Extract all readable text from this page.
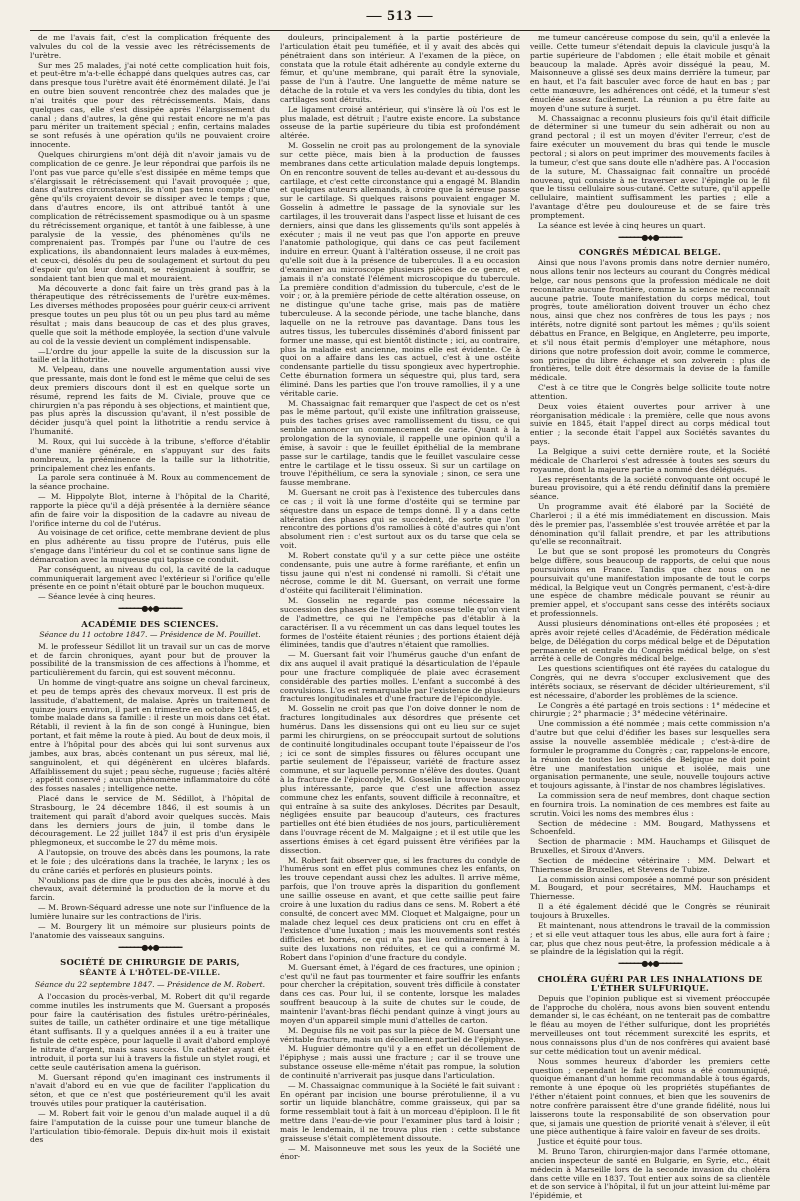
— 513 —

de me l'avais fait, c'est la complication fréquente des valvules du col de la vessie avec les rétrécissements de l'urètre.

Sur mes 25 malades, j'ai noté cette complication huit fois, et peut-être m'a-t-elle échappé dans quelques autres cas, car dans presque tous l'urètre avait été énormément dilaté. Je l'ai en outre bien souvent rencontrée chez des malades que je n'ai traités que pour des rétrécissements. Mais, dans quelques cas, elle s'est dissipée après l'élargissement du canal ; dans d'autres, la gêne qui restait encore ne m'a pas paru mériter un traitement spécial ; enfin, certains malades se sont refusés à une opération qu'ils ne pouvaient croire innocente.

Quelques chirurgiens m'ont déjà dit n'avoir jamais vu de complication de ce genre. Je leur répondrai que parfois ils ne l'ont pas vue parce qu'elle s'est dissipée en même temps que s'élargissait le rétrécissement qui l'avait provoquée ; que, dans d'autres circonstances, ils n'ont pas tenu compte d'une gêne qu'ils croyaient devoir se dissiper avec le temps ; que, dans d'autres encore, ils ont attribué tantôt à une complication de rétrécissement spasmodique ou à un spasme du rétrécissement organique, et tantôt à une faiblesse, à une paralysie de la vessie, des phénomènes qu'ils ne comprenaient pas. Trompés par l'une ou l'autre de ces explications, ils abandonnaient leurs malades à eux-mêmes, et ceux-ci, désolés du peu de soulagement et surtout du peu d'espoir qu'on leur donnait, se résignaient à souffrir, se sondaient tant bien que mal et mouraient.

Ma découverte a donc fait faire un très grand pas à la thérapeutique des rétrécissements de l'urètre eux-mêmes. Les diverses méthodes proposées pour guérir ceux-ci arrivent presque toutes un peu plus tôt ou un peu plus tard au même résultat ; mais dans beaucoup de cas et des plus graves, quelle que soit la méthode employée, la section d'une valvule au col de la vessie devient un complément indispensable.

—L'ordre du jour appelle la suite de la discussion sur la taille et la lithotritie.

M. Velpeau, dans une nouvelle argumentation aussi vive que pressante, mais dont le fond est le même que celui de ses deux premiers discours dont il est en quelque sorte un résumé, reprend les faits de M. Civiale, prouve que ce chirurgien n'a pas répondu à ses objections, et maintient que, pas plus après la discussion qu'avant, il n'est possible de décider jusqu'à quel point la lithotritie a rendu service à l'humanité.

M. Roux, qui lui succède à la tribune, s'efforce d'établir d'une manière générale, en s'appuyant sur des faits nombreux, la prééminence de la taille sur la lithotritie, principalement chez les enfants.

La parole sera continuée à M. Roux au commencement de la séance prochaine.

— M. Hippolyte Blot, interne à l'hôpital de la Charité, rapporte la pièce qu'il a déjà présentée à la dernière séance afin de faire voir la disposition de la cadavre au niveau de l'orifice interne du col de l'utérus.

Au voisinage de cet orifice, cette membrane devient de plus en plus adhérente au tissu propre de l'utérus, puis elle s'engage dans l'intérieur du col et se continue sans ligne de démarcation avec la muqueuse qui tapisse ce conduit.

Par conséquent, au niveau du col, la cavité de la caduque communiquerait largement avec l'extérieur si l'orifice qu'elle présente en ce point n'était obturé par le bouchon muqueux.

— Séance levée à cinq heures.

━━━━━━●◆●━━━━━━
ACADÉMIE DES SCIENCES.
Séance du 11 octobre 1847. — Présidence de M. Pouillet.

M. le professeur Sédillot lit un travail sur un cas de morve et de farcin chroniques, ayant pour but de prouver la possibilité de la transmission de ces affections à l'homme, et particulièrement du farcin, qui est souvent méconnu.

Un homme de vingt-quatre ans soigne un cheval farcineux, et peu de temps après des chevaux morveux. Il est pris de lassitude, d'abattement, de malaise. Après un traitement de quinze jours environ, il part en trimestre en octobre 1845, et tombe malade dans sa famille : il reste un mois dans cet état. Rétabli, il revient à la fin de son congé à Huningue, bien portant, et fait même la route à pied. Au bout de deux mois, il entre à l'hôpital pour des abcès qui lui sont survenus aux jambes, aux bras, abcès contenant un pus séreux, mal lié, sanguinolent, et qui dégénèrent en ulcères blafards. Affaiblissement du sujet ; peau sèche, rugueuse ; faciès altéré ; appétit conservé ; aucun phénomène inflammatoire du côté des fosses nasales ; intelligence nette.

Placé dans le service de M. Sédillot, à l'hôpital de Strasbourg, le 24 décembre 1846, il est soumis à un traitement qui paraît d'abord avoir quelques succès. Mais dans les derniers jours de juin, il tombe dans le découragement. Le 22 juillet 1847 il est pris d'un érysipèle phlegmoneux, et succombe le 27 du même mois.

A l'autopsie, on trouve des abcès dans les poumons, la rate et le foie ; des ulcérations dans la trachée, le larynx ; les os du crâne cariés et perforés en plusieurs points.

N'oublions pas de dire que le pus des abcès, inoculé à des chevaux, avait déterminé la production de la morve et du farcin.

— M. Brown-Séquard adresse une note sur l'influence de la lumière lunaire sur les contractions de l'iris.

— M. Bourgery lit un mémoire sur plusieurs points de l'anatomie des vaisseaux sanguins.

━━━━━━●◆●━━━━━━
SOCIÉTÉ DE CHIRURGIE DE PARIS,
SÉANTE À L'HÔTEL-DE-VILLE.
Séance du 22 septembre 1847. — Présidence de M. Robert.

A l'occasion du procès-verbal, M. Robert dit qu'il regarde comme inutiles les instruments que M. Guersant a proposés pour faire la cautérisation des fistules urétro-périnéales, suites de taille, un cathéter ordinaire et une tige métallique étant suffisants. Il y a quelques années il a eu à traiter une fistule de cette espèce, pour laquelle il avait d'abord employé le nitrate d'argent, mais sans succès. Un cathéter ayant été introduit, il porta sur lui à travers la fistule un stylet rougi, et cette seule cautérisation amena la guérison.

M. Guersant répond qu'en imaginant ces instruments il n'avait d'abord eu en vue que de faciliter l'application du séton, et que ce n'est que postérieurement qu'il les avait trouvés utiles pour pratiquer la cautérisation.

— M. Robert fait voir le genou d'un malade auquel il a dû faire l'amputation de la cuisse pour une tumeur blanche de l'articulation tibio-fémorale. Depuis dix-huit mois il existait des

douleurs, principalement à la partie postérieure de l'articulation était peu tuméfiée, et il y avait des abcès qui pénétraient dans son intérieur. A l'examen de la pièce, on constata que la rotule était adhérente au condyle externe du fémur, et qu'une membrane, qui paraît être la synoviale, passe de l'un à l'autre. Une languette de même nature se détache de la rotule et va vers les condyles du tibia, dont les cartilages sont détruits.

Le ligament croisé antérieur, qui s'insère là où l'os est le plus malade, est détruit ; l'autre existe encore. La substance osseuse de la partie supérieure du tibia est profondément altérée.

M. Gosselin ne croit pas au prolongement de la synoviale sur cette pièce, mais bien à la production de fausses membranes dans cette articulation malade depuis longtemps. On en rencontre souvent de telles au-devant et au-dessous du cartilage, et c'est cette circonstance qui a engagé M. Blandin et quelques auteurs allemands, à croire que la séreuse passe sur le cartilage. Si quelques raisons pouvaient engager M. Gosselin à admettre le passage de la synoviale sur les cartilages, il les trouverait dans l'aspect lisse et luisant de ces derniers, ainsi que dans les glissements qu'ils sont appelés à exécuter ; mais il ne veut pas que l'on apporte en preuve l'anatomie pathologique, qui dans ce cas peut facilement induire en erreur. Quant à l'altération osseuse, il ne croit pas qu'elle soit due à la présence de tubercules. Il a eu occasion d'examiner au microscope plusieurs pièces de ce genre, et jamais il n'a constaté l'élément microscopique du tubercule. La première condition d'admission du tubercule, c'est de le voir ; or, à la première période de cette altération osseuse, on ne distingue qu'une tache grise, mais pas de matière tuberculeuse. A la seconde période, une tache blanche, dans laquelle on ne la retrouve pas davantage. Dans tous les autres tissus, les tubercules disséminés d'abord finissent par former une masse, qui est bientôt distincte ; ici, au contraire, plus la maladie est ancienne, moins elle est évidente. Ce à quoi on a affaire dans les cas actuel, c'est à une ostéite condensante partielle du tissu spongieux avec hypertrophie. Cette éburnation formera un séquestre qui, plus tard, sera éliminé. Dans les parties que l'on trouve ramollies, il y a une véritable carie.

M. Chassaignac fait remarquer que l'aspect de cet os n'est pas le même partout, qu'il existe une infiltration graisseuse, puis des taches grises avec ramollissement du tissu, ce qui semble annoncer un commencement de carie. Quant à la prolongation de la synoviale, il rappelle une opinion qu'il a émise, à savoir : que le feuillet épithélial de la membrane passe sur le cartilage, tandis que le feuillet vasculaire cesse entre le cartilage et le tissu osseux. Si sur un cartilage on trouve l'épithélium, ce sera la synoviale ; sinon, ce sera une fausse membrane.

M. Guersant ne croit pas à l'existence des tubercules dans ce cas ; il voit là une forme d'ostéite qui se termine par séquestre dans un espace de temps donné. Il y a dans cette altération des phases qui se succèdent, de sorte que l'on rencontre des portions d'os ramollies à côté d'autres qui n'ont absolument rien : c'est surtout aux os du tarse que cela se voit.

M. Robert constate qu'il y a sur cette pièce une ostéite condensante, puis une autre à forme raréfiante, et enfin un tissu jaune qui n'est ni condensé ni ramolli. Si c'était une nécrose, comme le dit M. Guersant, on verrait une forme d'ostéite qui faciliterait l'élimination.

M. Gosselin ne regarde pas comme nécessaire la succession des phases de l'altération osseuse telle qu'on vient de l'admettre, ce qui ne l'empêche pas d'établir à la caractériser. Il a vu récemment un cas dans lequel toutes les formes de l'ostéite étaient réunies ; des portions étaient déjà éliminées, tandis que d'autres n'étaient que ramollies.

— M. Guersant fait voir l'humérus gauche d'un enfant de dix ans auquel il avait pratiqué la désarticulation de l'épaule pour une fracture compliquée de plaie avec écrasement considérable des parties molles. L'enfant a succombé à des convulsions. L'os est remarquable par l'existence de plusieurs fractures longitudinales et d'une fracture de l'épicondyle.

M. Gosselin ne croit pas que l'on doive donner le nom de fractures longitudinales aux désordres que présente cet humérus. Dans les dissensions qui ont eu lieu sur ce sujet parmi les chirurgiens, on se préoccupait surtout de solutions de continuité longitudinales occupant toute l'épaisseur de l'os ; ici ce sont de simples fissures ou fêlures occupant une partie seulement de l'épaisseur, variété de fracture assez commune, et sur laquelle personne n'élève des doutes. Quant à la fracture de l'épicondyle, M. Gosselin la trouve beaucoup plus intéressante, parce que c'est une affection assez commune chez les enfants, souvent difficile à reconnaître, et qui entraîne à sa suite des ankyloses. Décrites par Desault, négligées ensuite par beaucoup d'auteurs, ces fractures partielles ont été bien étudiées de nos jours, particulièrement dans l'ouvrage récent de M. Malgaigne ; et il est utile que les assertions émises à cet égard puissent être vérifiées par la dissection.

M. Robert fait observer que, si les fractures du condyle de l'humérus sont en effet plus communes chez les enfants, on les trouve cependant aussi chez les adultes. Il arrive même, parfois, que l'on trouve après la disparition du gonflement une saillie osseuse en avant, et que cette saillie peut faire croire à une luxation du radius dans ce sens. M. Robert a été consulté, de concert avec MM. Cloquet et Malgaigne, pour un malade chez lequel ces deux praticiens ont cru en effet à l'existence d'une luxation ; mais les mouvements sont restés difficiles et bornés, ce qui n'a pas lieu ordinairement à la suite des luxations non réduites, et ce qui a confirmé M. Robert dans l'opinion d'une fracture du condyle.

M. Guersant émet, à l'égard de ces fractures, une opinion ; c'est qu'il ne faut pas tourmenter et faire souffrir les enfants pour chercher la crépitation, souvent très difficile à constater dans ces cas. Pour lui, il se contente, lorsque les malades souffrent beaucoup à la suite de chutes sur le coude, de maintenir l'avant-bras fléchi pendant quinze à vingt jours au moyen d'un appareil simple muni d'attelles de carton.

M. Deguise fils ne voit pas sur la pièce de M. Guersant une véritable fracture, mais un décollement partiel de l'épiphyse.

M. Huguier démontre qu'il y a en effet un décollement de l'épiphyse ; mais aussi une fracture ; car il se trouve une substance osseuse elle-même n'était pas rompue, la solution de continuité n'arriverait pas jusque dans l'articulation.

— M. Chassaignac communique à la Société le fait suivant : En opérant par incision une bourse prérotulienne, il a vu sortir un liquide blanchâtre, comme graisseux, qui par sa forme ressemblait tout à fait à un morceau d'épiploon. Il le fit mettre dans l'eau-de-vie pour l'examiner plus tard à loisir ; mais le lendemain, il ne trouva plus rien : cette substance graisseuse s'était complètement dissoute.

— M. Maisonneuve met sous les yeux de la Société une énor-

me tumeur cancéreuse compose du sein, qu'il a enlevée la veille. Cette tumeur s'étendait depuis la clavicule jusqu'à la partie supérieure de l'abdomen ; elle était mobile et gênait beaucoup la malade. Après avoir disséqué la peau, M. Maisonneuve a glissé ses deux mains derrière la tumeur, par en haut, et l'a fait basculer avec force de haut en bas ; par cette manœuvre, les adhérences ont cédé, et la tumeur s'est énucléée assez facilement. La réunion a pu être faite au moyen d'une suture à surjet.

M. Chassaignac a reconnu plusieurs fois qu'il était difficile de déterminer si une tumeur du sein adhérait ou non au grand pectoral ; il est un moyen d'éviter l'erreur, c'est de faire exécuter un mouvement du bras qui tende le muscle pectoral ; si alors on peut imprimer des mouvements faciles à la tumeur, c'est que sans doute elle n'adhère pas. A l'occasion de la suture, M. Chassaignac fait connaître un procédé nouveau, qui consiste à ne traverser avec l'épingle ou le fil que le tissu cellulaire sous-cutané. Cette suture, qu'il appelle cellulaire, maintient suffisamment les parties ; elle a l'avantage d'être peu douloureuse et de se faire très promptement.

La séance est levée à cinq heures un quart.

━━━━━━●◆●━━━━━━
CONGRÈS MÉDICAL BELGE.

Ainsi que nous l'avons promis dans notre dernier numéro, nous allons tenir nos lecteurs au courant du Congrès médical belge, car nous pensons que la profession médicale ne doit reconnaître aucune frontière, comme la science ne reconnaît aucune patrie. Toute manifestation du corps médical, tout progrès, toute amélioration doivent trouver un écho chez nous, ainsi que chez nos confrères de tous les pays ; nos intérêts, notre dignité sont partout les mêmes ; qu'ils soient débattus en France, en Belgique, en Angleterre, peu importe, et s'il nous était permis d'employer une métaphore, nous dirions que notre profession doit avoir, comme le commerce, son principe du libre échange et son zolverein : plus de frontières, telle doit être désormais la devise de la famille médicale.

C'est à ce titre que le Congrès belge sollicite toute notre attention.

Deux voies étaient ouvertes pour arriver à une réorganisation médicale : la première, celle que nous avons suivie en 1845, était l'appel direct au corps médical tout entier ; la seconde était l'appel aux Sociétés savantes du pays.

La Belgique a suivi cette dernière route, et la Société médicale de Charleroi s'est adressée à toutes ses sœurs du royaume, dont la majeure partie a nommé des délégués.

Les représentants de la société convoquante ont occupé le bureau provisoire, qui a été rendu définitif dans la première séance.

Un programme avait été élaboré par la Société de Charleroi ; il a été mis immédiatement en discussion. Mais dès le premier pas, l'assemblée s'est trouvée arrêtée et par la dénomination qu'il fallait prendre, et par les attributions qu'elle se reconnaîtrait.

Le but que se sont proposé les promoteurs du Congrès belge diffère, sous beaucoup de rapports, de celui que nous poursuivions en France. Tandis que chez nous on ne poursuivait qu'une manifestation imposante de tout le corps médical, la Belgique veut un Congrès permanent, c'est-à-dire une espèce de chambre médicale pouvant se réunir au premier appel, et s'occupant sans cesse des intérêts sociaux et professionnels.

Aussi plusieurs dénominations ont-elles été proposées ; et après avoir rejeté celles d'Académie, de Fédération médicale belge, de Délégation du corps médical belge et de Députation permanente et centrale du Congrès médical belge, on s'est arrêté à celle de Congrès médical belge.

Les questions scientifiques ont été rayées du catalogue du Congrès, qui ne devra s'occuper exclusivement que des intérêts sociaux, se réservant de décider ultérieurement, s'il est nécessaire, d'aborder les problèmes de la science.

Le Congrès a été partagé en trois sections : 1° médecine et chirurgie ; 2° pharmacie ; 3° médecine vétérinaire.

Une commission a été nommée ; mais cette commission n'a d'autre but que celui d'édifier les bases sur lesquelles sera assise la nouvelle assemblée médicale ; c'est-à-dire de formuler le programme du Congrès ; car, rappelons-le encore, la réunion de toutes les sociétés de Belgique ne doit point être une manifestation unique et isolée, mais une organisation permanente, une seule, nouvelle toujours active et toujours agissante, à l'instar de nos chambres législatives.

La commission sera de neuf membres, dont chaque section en fournira trois. La nomination de ces membres est faite au scrutin. Voici les noms des membres élus :

Section de médecine : MM. Bougard, Mathyssens et Schoenfeld.

Section de pharmacie : MM. Hauchamps et Gilisquet de Bruxelles, et Siroux d'Anvers.

Section de médecine vétérinaire : MM. Delwart et Thiernesse de Bruxelles, et Stevens de Tubize.

La commission ainsi composée a nommé pour son président M. Bougard, et pour secrétaires, MM. Hauchamps et Thiernesse.

Il a été également décidé que le Congrès se réunirait toujours à Bruxelles.

Et maintenant, nous attendrons le travail de la commission ; et si elle veut attaquer tous les abus, elle aura fort à faire ; car, plus que chez nous peut-être, la profession médicale a à se plaindre de la législation qui la régit.

━━━━━━●◆●━━━━━━
CHOLÉRA GUÉRI PAR LES INHALATIONS DE L'ÉTHER SULFURIQUE.

Depuis que l'opinion publique est si vivement préoccupée de l'approche du choléra, nous avons bien souvent entendu demander si, le cas échéant, on ne tenterait pas de combattre le fléau au moyen de l'éther sulfurique, dont les propriétés merveilleuses ont tout récemment surexcité les esprits, et nous connaissons plus d'un de nos confrères qui avaient basé sur cette médication tout un avenir médical.

Nous sommes heureux d'aborder les premiers cette question ; cependant le fait qui nous a été communiqué, quoique émanant d'un homme recommandable à tous égards, remonte à une époque où les propriétés stupéfiantes de l'éther n'étaient point connues, et bien que les souvenirs de notre confrère paraissent être d'une grande fidélité, nous lui laisserons toute la responsabilité de son observation pour que, si jamais une question de priorité venait à s'élever, il eût une pièce authentique à faire valoir en faveur de ses droits.

Justice et équité pour tous.

M. Bruno Taron, chirurgien-major dans l'armée ottomane, ancien inspecteur de santé en Bulgarie, en Syrie, etc., était médecin à Marseille lors de la seconde invasion du choléra dans cette ville en 1837. Tout entier aux soins de sa clientèle et de son service à l'hôpital, il fut un jour atteint lui-même par l'épidémie, et
